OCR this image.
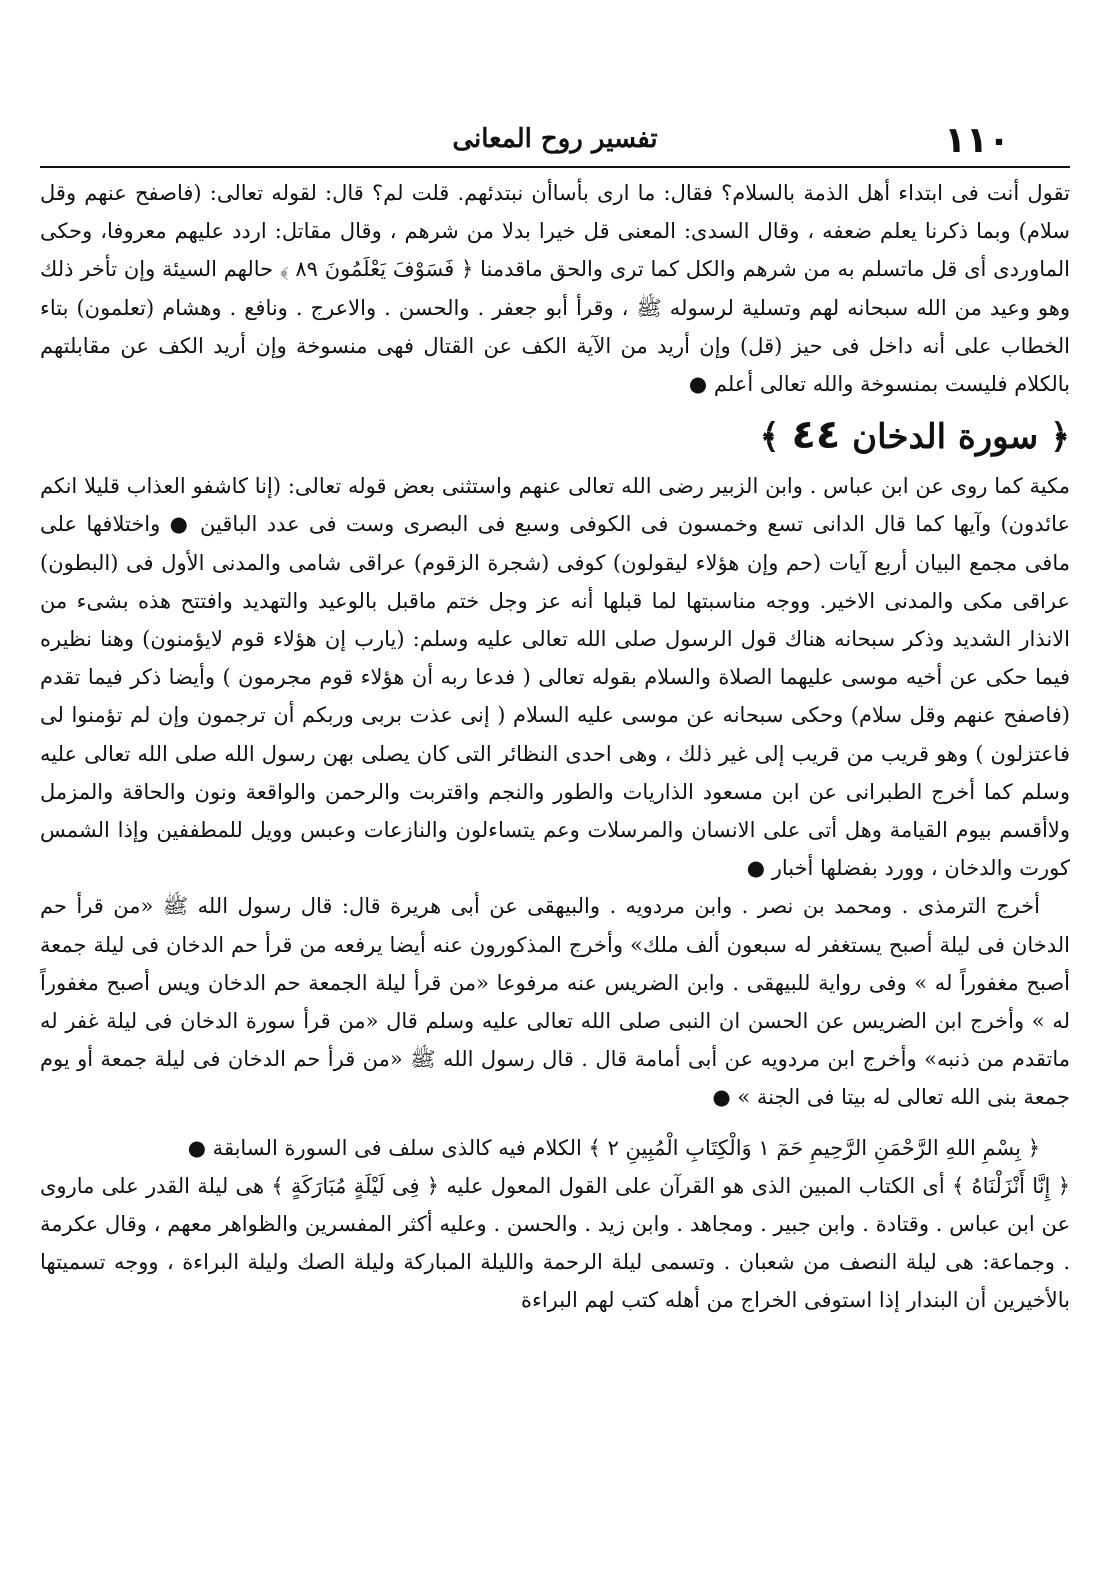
١١٠
تفسير روح المعانى

تقول أنت فى ابتداء أهل الذمة بالسلام؟ فقال: ما ارى بأساأن نبتدئهم. قلت لم؟ قال: لقوله تعالى: (فاصفح عنهم وقل سلام) وبما ذكرنا يعلم ضعفه ، وقال السدى: المعنى قل خيرا بدلا من شرهم ، وقال مقاتل: اردد عليهم معروفا، وحكى الماوردى أى قل ماتسلم به من شرهم والكل كما ترى والحق ماقدمنا ﴿ فَسَوْفَ يَعْلَمُونَ ٨٩ ﴾ حالهم السيئة وإن تأخر ذلك وهو وعيد من الله سبحانه لهم وتسلية لرسوله ﷺ ، وقرأ أبو جعفر . والحسن . والاعرج . ونافع . وهشام (تعلمون) بتاء الخطاب على أنه داخل فى حيز (قل) وإن أريد من الآية الكف عن القتال فهى منسوخة وإن أريد الكف عن مقابلتهم بالكلام فليست بمنسوخة والله تعالى أعلم ●

﴿ سورة الدخان ٤٤ ﴾

مكية كما روى عن ابن عباس . وابن الزبير رضى الله تعالى عنهم واستثنى بعض قوله تعالى: (إنا كاشفو العذاب قليلا انكم عائدون) وآيها كما قال الدانى تسع وخمسون فى الكوفى وسبع فى البصرى وست فى عدد الباقين ● واختلافها على مافى مجمع البيان أربع آيات (حم وإن هؤلاء ليقولون) كوفى (شجرة الزقوم) عراقى شامى والمدنى الأول فى (البطون) عراقى مكى والمدنى الاخير. ووجه مناسبتها لما قبلها أنه عز وجل ختم ماقبل بالوعيد والتهديد وافتتح هذه بشىء من الانذار الشديد وذكر سبحانه هناك قول الرسول صلى الله تعالى عليه وسلم: (يارب إن هؤلاء قوم لايؤمنون) وهنا نظيره فيما حكى عن أخيه موسى عليهما الصلاة والسلام بقوله تعالى ( فدعا ربه أن هؤلاء قوم مجرمون ) وأيضا ذكر فيما تقدم (فاصفح عنهم وقل سلام) وحكى سبحانه عن موسى عليه السلام ( إنى عذت بربى وربكم أن ترجمون وإن لم تؤمنوا لى فاعتزلون ) وهو قريب من قريب إلى غير ذلك ، وهى احدى النظائر التى كان يصلى بهن رسول الله صلى الله تعالى عليه وسلم كما أخرج الطبرانى عن ابن مسعود الذاريات والطور والنجم واقتربت والرحمن والواقعة ونون والحاقة والمزمل ولاأقسم بيوم القيامة وهل أتى على الانسان والمرسلات وعم يتساءلون والنازعات وعبس وويل للمطففين وإذا الشمس كورت والدخان ، وورد بفضلها أخبار ●

أخرج الترمذى . ومحمد بن نصر . وابن مردويه . والبيهقى عن أبى هريرة قال: قال رسول الله ﷺ «من قرأ حم الدخان فى ليلة أصبح يستغفر له سبعون ألف ملك» وأخرج المذكورون عنه أيضا يرفعه من قرأ حم الدخان فى ليلة جمعة أصبح مغفوراً له » وفى رواية للبيهقى . وابن الضريس عنه مرفوعا «من قرأ ليلة الجمعة حم الدخان ويس أصبح مغفوراً له » وأخرج ابن الضريس عن الحسن ان النبى صلى الله تعالى عليه وسلم قال «من قرأ سورة الدخان فى ليلة غفر له ماتقدم من ذنبه» وأخرج ابن مردويه عن أبى أمامة قال . قال رسول الله ﷺ «من قرأ حم الدخان فى ليلة جمعة أو يوم جمعة بنى الله تعالى له بيتا فى الجنة » ●

﴿ بِسْمِ اللهِ الرَّحْمَنِ الرَّحِيمِ حَمٓ ١ وَالْكِتَابِ الْمُبِينِ ٢ ﴾ الكلام فيه كالذى سلف فى السورة السابقة ●

﴿ إِنَّا أَنْزَلْنَاهُ ﴾ أى الكتاب المبين الذى هو القرآن على القول المعول عليه ﴿ فِى لَيْلَةٍ مُبَارَكَةٍ ﴾ هى ليلة القدر على ماروى عن ابن عباس . وقتادة . وابن جبير . ومجاهد . وابن زيد . والحسن . وعليه أكثر المفسرين والظواهر معهم ، وقال عكرمة . وجماعة: هى ليلة النصف من شعبان . وتسمى ليلة الرحمة والليلة المباركة وليلة الصك وليلة البراءة ، ووجه تسميتها بالأخيرين أن البندار إذا استوفى الخراج من أهله كتب لهم البراءة
